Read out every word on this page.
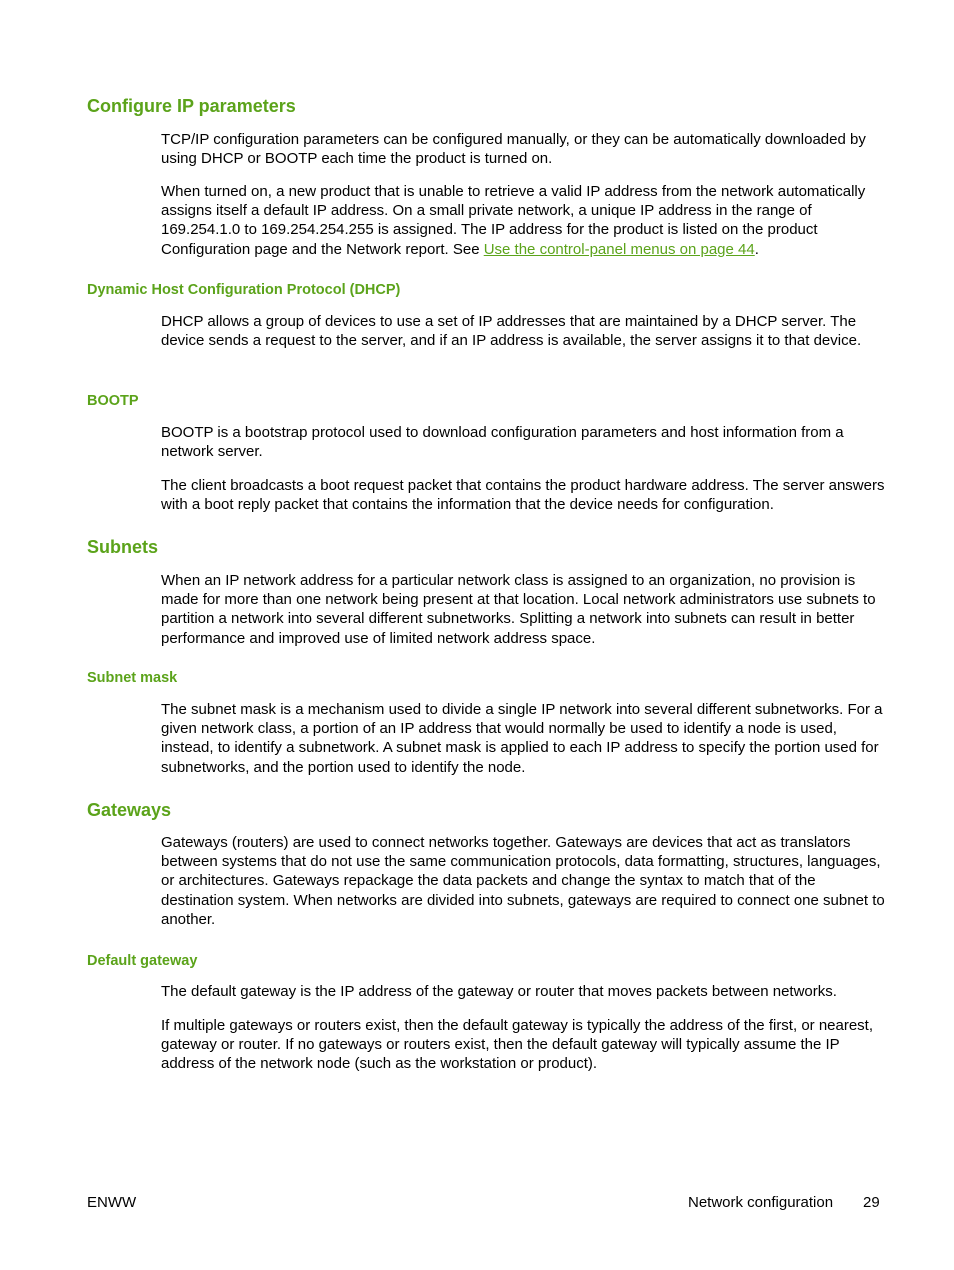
Configure IP parameters

TCP/IP configuration parameters can be configured manually, or they can be automatically downloaded by using DHCP or BOOTP each time the product is turned on.

When turned on, a new product that is unable to retrieve a valid IP address from the network automatically assigns itself a default IP address. On a small private network, a unique IP address in the range of 169.254.1.0 to 169.254.254.255 is assigned. The IP address for the product is listed on the product Configuration page and the Network report. See Use the control-panel menus on page 44.

Dynamic Host Configuration Protocol (DHCP)

DHCP allows a group of devices to use a set of IP addresses that are maintained by a DHCP server. The device sends a request to the server, and if an IP address is available, the server assigns it to that device.

BOOTP

BOOTP is a bootstrap protocol used to download configuration parameters and host information from a network server.

The client broadcasts a boot request packet that contains the product hardware address. The server answers with a boot reply packet that contains the information that the device needs for configuration.

Subnets

When an IP network address for a particular network class is assigned to an organization, no provision is made for more than one network being present at that location. Local network administrators use subnets to partition a network into several different subnetworks. Splitting a network into subnets can result in better performance and improved use of limited network address space.

Subnet mask

The subnet mask is a mechanism used to divide a single IP network into several different subnetworks. For a given network class, a portion of an IP address that would normally be used to identify a node is used, instead, to identify a subnetwork. A subnet mask is applied to each IP address to specify the portion used for subnetworks, and the portion used to identify the node.

Gateways

Gateways (routers) are used to connect networks together. Gateways are devices that act as translators between systems that do not use the same communication protocols, data formatting, structures, languages, or architectures. Gateways repackage the data packets and change the syntax to match that of the destination system. When networks are divided into subnets, gateways are required to connect one subnet to another.

Default gateway

The default gateway is the IP address of the gateway or router that moves packets between networks.

If multiple gateways or routers exist, then the default gateway is typically the address of the first, or nearest, gateway or router. If no gateways or routers exist, then the default gateway will typically assume the IP address of the network node (such as the workstation or product).

ENWW	Network configuration 29
